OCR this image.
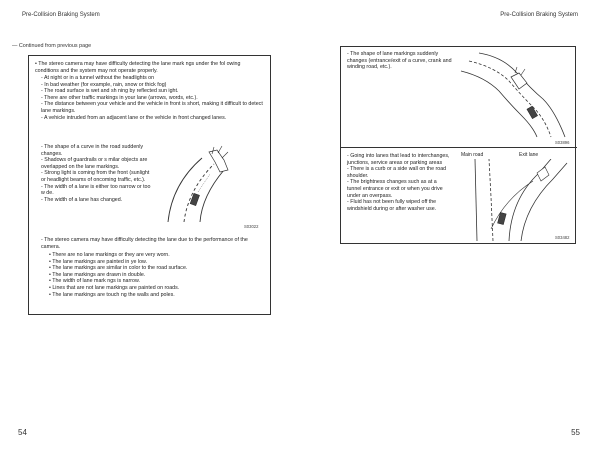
Pre-Collision Braking System
— Continued from previous page
• The stereo camera may have difficulty detecting the lane mark ngs under the fol owing conditions and the system may not operate properly.
- At night or in a tunnel without the headlights on
- In bad weather (for example, rain, snow or thick fog)
- The road surface is wet and sh ning by reflected sun ight.
- There are other traffic markings in your lane (arrows, words, etc.).
- The distance between your vehicle and the vehicle in front is short, making it difficult to detect lane markings.
- A vehicle intruded from an adjacent lane or the vehicle in front changed lanes.
- The shape of a curve in the road suddenly changes.
- Shadows of guardrails or s milar objects are overlapped on the lane markings.
- Strong light is coming from the front (sunlight or headlight beams of oncoming traffic, etc.).
- The width of a lane is either too narrow or too w de.
- The width of a lane has changed.
S03022
- The stereo camera may have difficulty detecting the lane due to the performance of the camera.
• There are no lane markings or they are very worn.
• The lane markings are painted in ye low.
• The lane markings are similar in color to the road surface.
• The lane markings are drawn in double.
• The width of lane mark ngs is narrow.
• Lines that are not lane markings are painted on roads.
• The lane markings are touch ng the walls and poles.
54
Pre-Collision Braking System
- The shape of lane markings suddenly changes (entrance/exit of a curve, crank and winding road, etc.).
S03896
- Going into lanes that lead to interchanges, junctions, service areas or parking areas
- There is a curb or a side wall on the road shoulder.
- The brightness changes such as at a tunnel entrance or exit or when you drive under an overpass.
- Fluid has not been fully wiped off the windshield during or after washer use.
Main road	Exit lane
S03482
55
